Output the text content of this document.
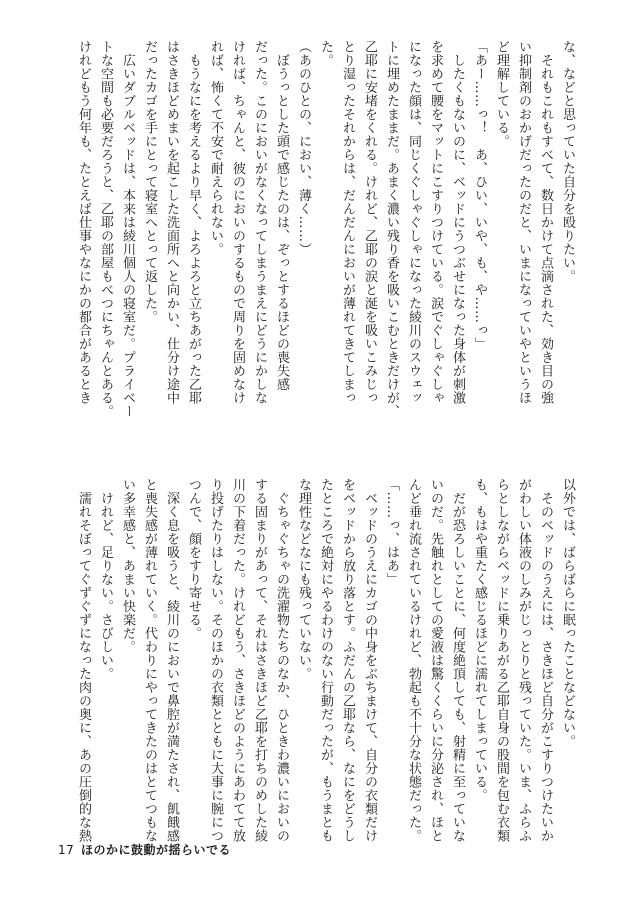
な、などと思っていた自分を殴りたい。
　それもこれもすべて、数日かけて点滴された、効き目の強
い抑制剤のおかげだったのだと、いまになっていやというほ
ど理解している。
「あー……っ！　あ、ひい、いや、も、や……っ」
　したくもないのに、ベッドにうつぶせになった身体が刺激
を求めて腰をマットにこすりつけている。涙でぐしゃぐしゃ
になった顔は、同じくぐしゃぐしゃになった綾川のスウェッ
トに埋めたままだ。あまく濃い残り香を吸いこむときだけが、
乙耶に安堵をくれる。けれど、乙耶の涙と涎を吸いこみじっ
とり湿ったそれからは、だんだんにおいが薄れてきてしまっ
た。
（あのひとの、におい、薄く……）
　ぼうっとした頭で感じたのは、ぞっとするほどの喪失感
だった。このにおいがなくなってしまうまえにどうにかしな
ければ、ちゃんと、彼のにおいのするもので周りを固めなけ
れば、怖くて不安で耐えられない。
　もうなにを考えるより早く、よろよろと立ちあがった乙耶
はさきほどめまいを起こした洗面所へと向かい、仕分け途中
だったカゴを手にとって寝室へとって返した。
　広いダブルベッドは、本来は綾川個人の寝室だ。プライベー
トな空間も必要だろうと、乙耶の部屋もべつにちゃんとある。
けれどもう何年も、たとえば仕事やなにかの都合があるとき
以外では、ばらばらに眠ったことなどない。
　そのベッドのうえには、さきほど自分がこすりつけたいか
がわしい体液のしみがじっとりと残っていた。いま、ふらふ
らとしながらベッドに乗りあがる乙耶自身の股間を包む衣類
も、もはや重たく感じるほどに濡れてしまっている。
　だが恐ろしいことに、何度絶頂しても、射精に至っていな
いのだ。先触れとしての愛液は驚くくらいに分泌され、ほと
んど垂れ流されているけれど、勃起も不十分な状態だった。
「……っ、はあ」
　ベッドのうえにカゴの中身をぶちまけて、自分の衣類だけ
をベッドから放り落とす。ふだんの乙耶なら、なにをどうし
たところで絶対にやるわけのない行動だったが、もうまとも
な理性などなにも残っていない。
　ぐちゃぐちゃの洗濯物たちのなか、ひときわ濃いにおいの
する固まりがあって、それはさきほど乙耶を打ちのめした綾
川の下着だった。けれどもう、さきほどのようにあわてて放
り投げたりはしない。そのほかの衣類とともに大事に腕につ
つんで、顔をすり寄せる。
　深く息を吸うと、綾川のにおいで鼻腔が満たされ、飢餓感
と喪失感が薄れていく。代わりにやってきたのはとてつもな
い多幸感と、あまい快楽だ。
　けれど、足りない。さびしい。
　濡れそぼってぐずぐずになった肉の奥に、あの圧倒的な熱
17 ほのかに鼓動が揺らいでる
